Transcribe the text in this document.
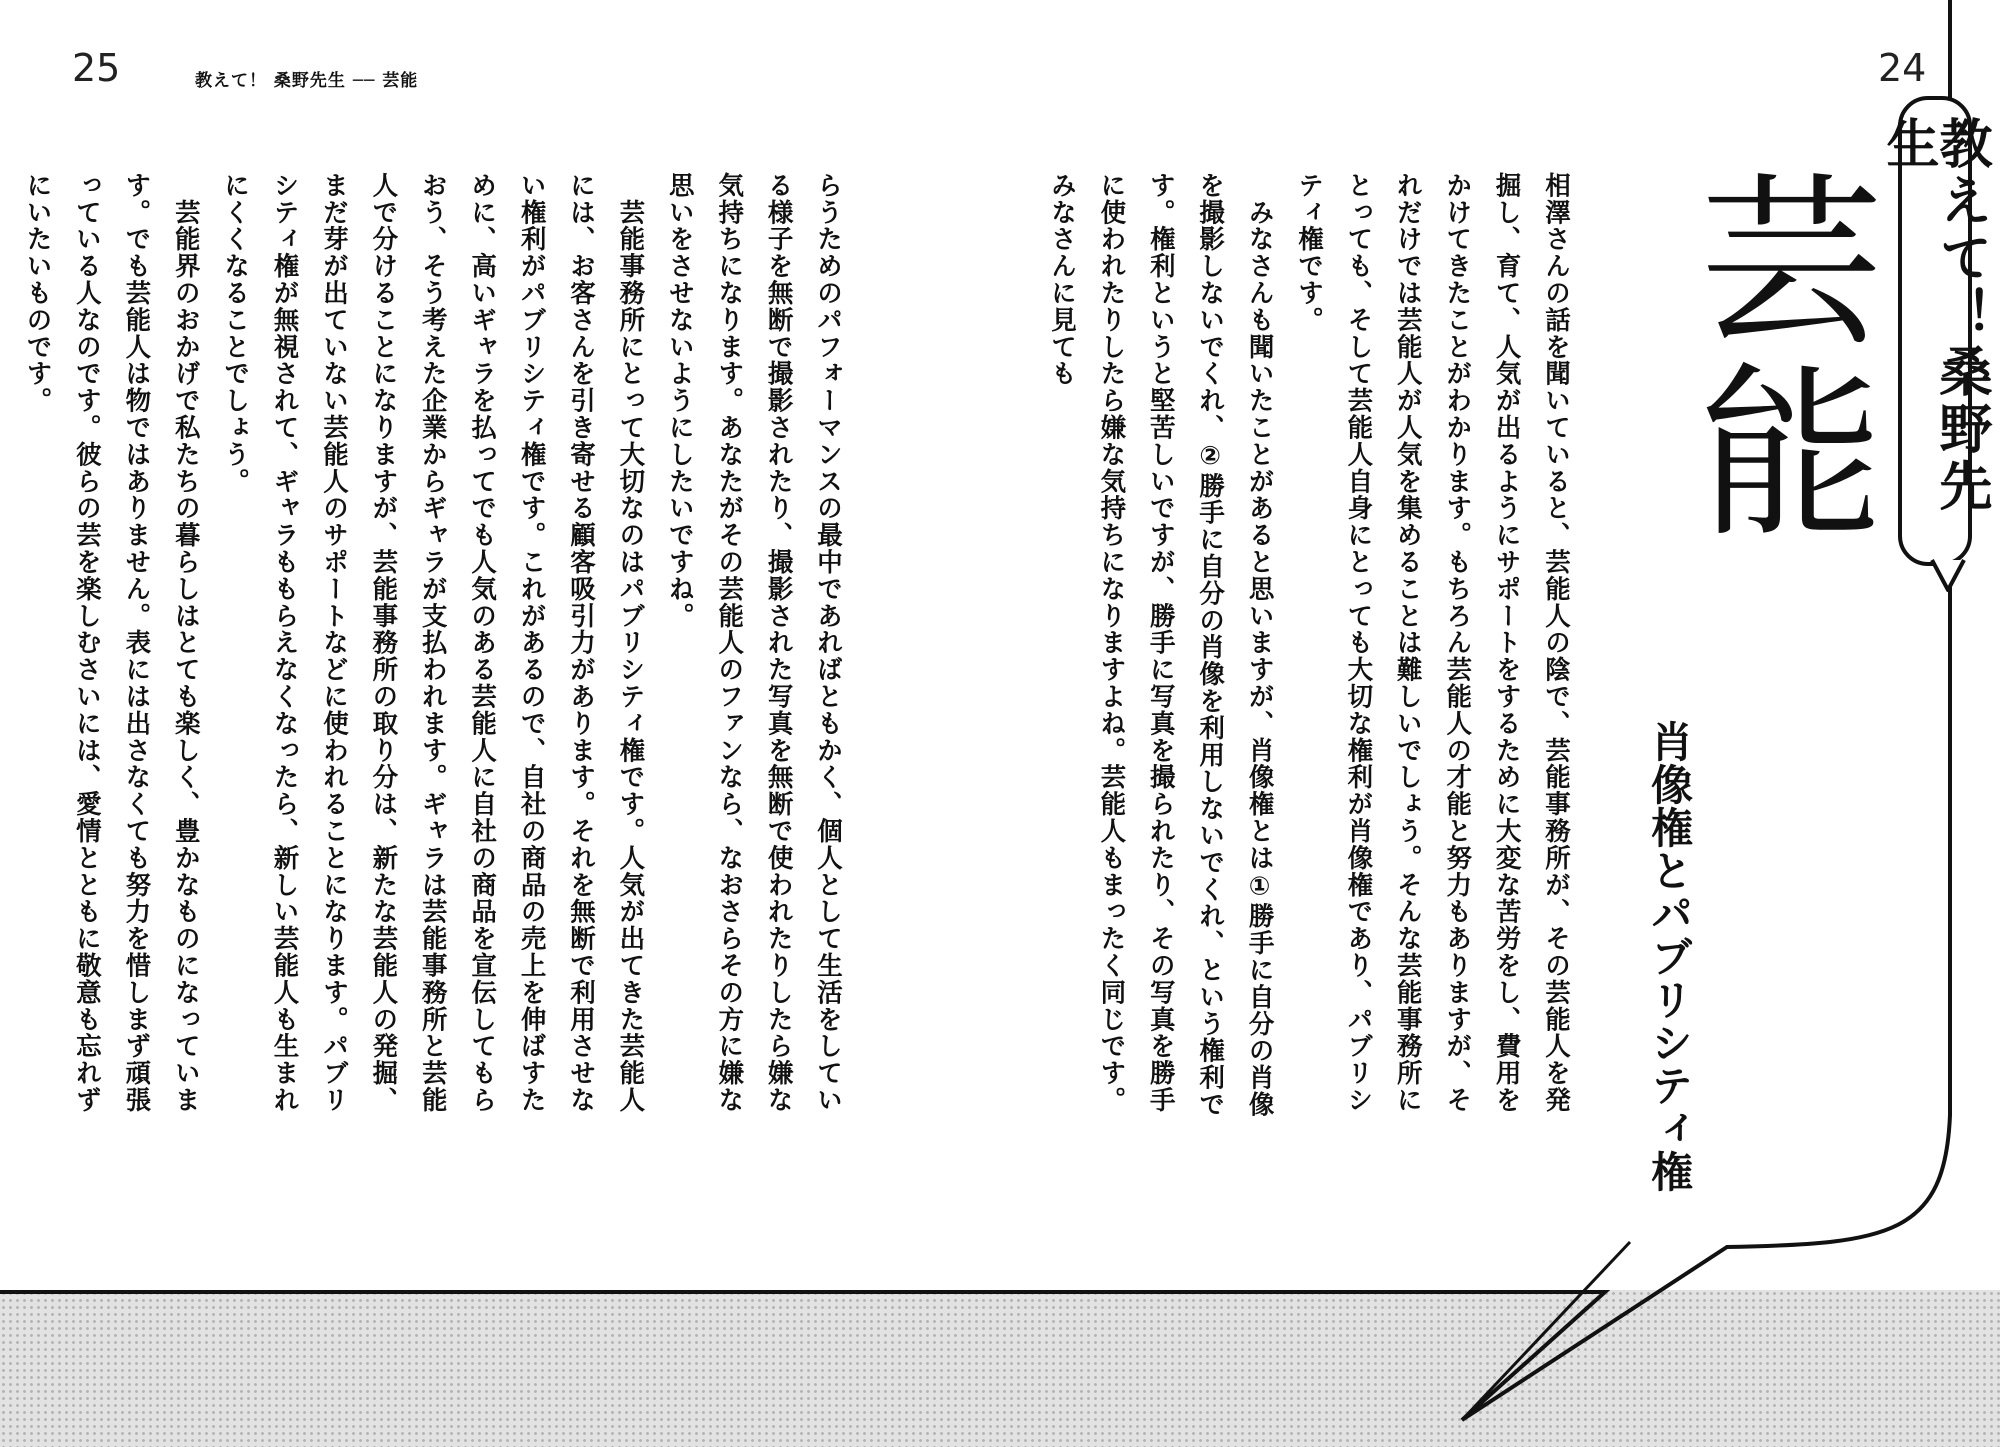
25	24
教えて！ 桑野先生 ── 芸能
教えて！桑野先生
芸能
肖像権とパブリシティ権
相澤さんの話を聞いていると、芸能人の陰で、芸能事務所が、その芸能人を発掘し、育て、人気が出るようにサポートをするために大変な苦労をし、費用をかけてきたことがわかります。もちろん芸能人の才能と努力もありますが、それだけでは芸能人が人気を集めることは難しいでしょう。そんな芸能事務所にとっても、そして芸能人自身にとっても大切な権利が肖像権であり、パブリシティ権です。
　みなさんも聞いたことがあると思いますが、肖像権とは①勝手に自分の肖像を撮影しないでくれ、②勝手に自分の肖像を利用しないでくれ、という権利です。権利というと堅苦しいですが、勝手に写真を撮られたり、その写真を勝手に使われたりしたら嫌な気持ちになりますよね。芸能人もまったく同じです。みなさんに見ても
らうためのパフォーマンスの最中であればともかく、個人として生活をしている様子を無断で撮影されたり、撮影された写真を無断で使われたりしたら嫌な気持ちになります。あなたがその芸能人のファンなら、なおさらその方に嫌な思いをさせないようにしたいですね。
　芸能事務所にとって大切なのはパブリシティ権です。人気が出てきた芸能人には、お客さんを引き寄せる顧客吸引力があります。それを無断で利用させない権利がパブリシティ権です。これがあるので、自社の商品の売上を伸ばすために、高いギャラを払ってでも人気のある芸能人に自社の商品を宣伝してもらおう、そう考えた企業からギャラが支払われます。ギャラは芸能事務所と芸能人で分けることになりますが、芸能事務所の取り分は、新たな芸能人の発掘、まだ芽が出ていない芸能人のサポートなどに使われることになります。パブリシティ権が無視されて、ギャラももらえなくなったら、新しい芸能人も生まれにくくなることでしょう。
　芸能界のおかげで私たちの暮らしはとても楽しく、豊かなものになっています。でも芸能人は物ではありません。表には出さなくても努力を惜しまず頑張っている人なのです。彼らの芸を楽しむさいには、愛情とともに敬意も忘れずにいたいものです。
